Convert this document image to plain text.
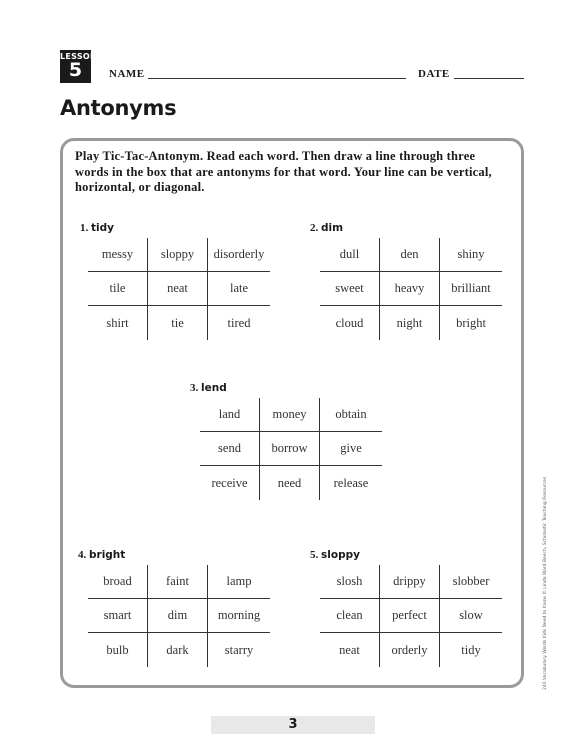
LESSON
5	NAME	DATE
Antonyms
Play Tic-Tac-Antonym. Read each word. Then draw a line through three words in the box that are antonyms for that word. Your line can be vertical, horizontal, or diagonal.
1. tidy
messy	sloppy	disorderly
tile	neat	late
shirt	tie	tired
2. dim
dull	den	shiny
sweet	heavy	brilliant
cloud	night	bright
3. lend
land	money	obtain
send	borrow	give
receive	need	release
4. bright
broad	faint	lamp
smart	dim	morning
bulb	dark	starry
5. sloppy
slosh	drippy	slobber
clean	perfect	slow
neat	orderly	tidy	240 Vocabulary Words Kids Need to Know © Linda Ward Beech, Scholastic Teaching Resources
3
